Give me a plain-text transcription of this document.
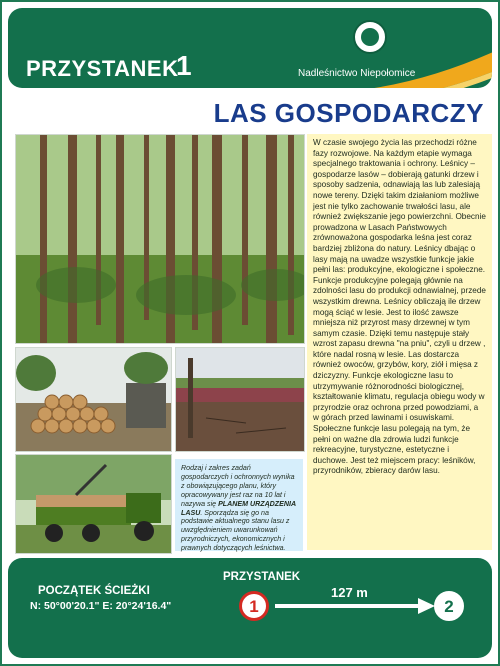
PRZYSTANEK
1	Nadleśnictwo Niepołomice
LAS GOSPODARCZY
Rodzaj i zakres zadań gospodarczych i ochronnych wynika z obowiązującego planu, który opracowywany jest raz na 10 lat i nazywa się PLANEM URZĄDZENIA LASU. Sporządza się go na podstawie aktualnego stanu lasu z uwzględnieniem uwarunkowań przyrodniczych, ekonomicznych i prawnych dotyczących leśnictwa.
W czasie swojego życia las przechodzi różne fazy rozwojowe. Na każdym etapie wymaga specjalnego traktowania i ochrony. Leśnicy – gospodarze lasów – dobierają gatunki drzew i sposoby sadzenia, odnawiają las lub zalesiają nowe tereny. Dzięki takim działaniom możliwe jest nie tylko zachowanie trwałości lasu, ale również zwiększanie jego powierzchni. Obecnie prowadzona w Lasach Państwowych zrównoważona gospodarka leśna jest coraz bardziej zbliżona do natury. Leśnicy dbając o lasy mają na uwadze wszystkie funkcje jakie pełni las: produkcyjne, ekologiczne i społeczne. Funkcje produkcyjne polegają głównie na zdolności lasu do produkcji odnawialnej, przede wszystkim drewna. Leśnicy obliczają ile drzew mogą ściąć w lesie. Jest to ilość zawsze mniejsza niż przyrost masy drzewnej w tym samym czasie. Dzięki temu następuje stały wzrost zapasu drewna "na pniu", czyli u drzew , które nadal rosną w lesie. Las dostarcza również owoców, grzybów, kory, ziół i mięsa z dziczyzny. Funkcje ekologiczne lasu to utrzymywanie różnorodności biologicznej, kształtowanie klimatu, regulacja obiegu wody w przyrodzie oraz ochrona przed powodziami, a w górach przed lawinami i osuwiskami. Społeczne funkcje lasu polegają na tym, że pełni on ważne dla zdrowia ludzi funkcje rekreacyjne, turystyczne, estetyczne i duchowe. Jest też miejscem pracy: leśników, przyrodników, zbieracy darów lasu.
POCZĄTEK ŚCIEŻKI
N: 50°00'20.1" E: 20°24'16.4"
PRZYSTANEK
1
127 m
2
